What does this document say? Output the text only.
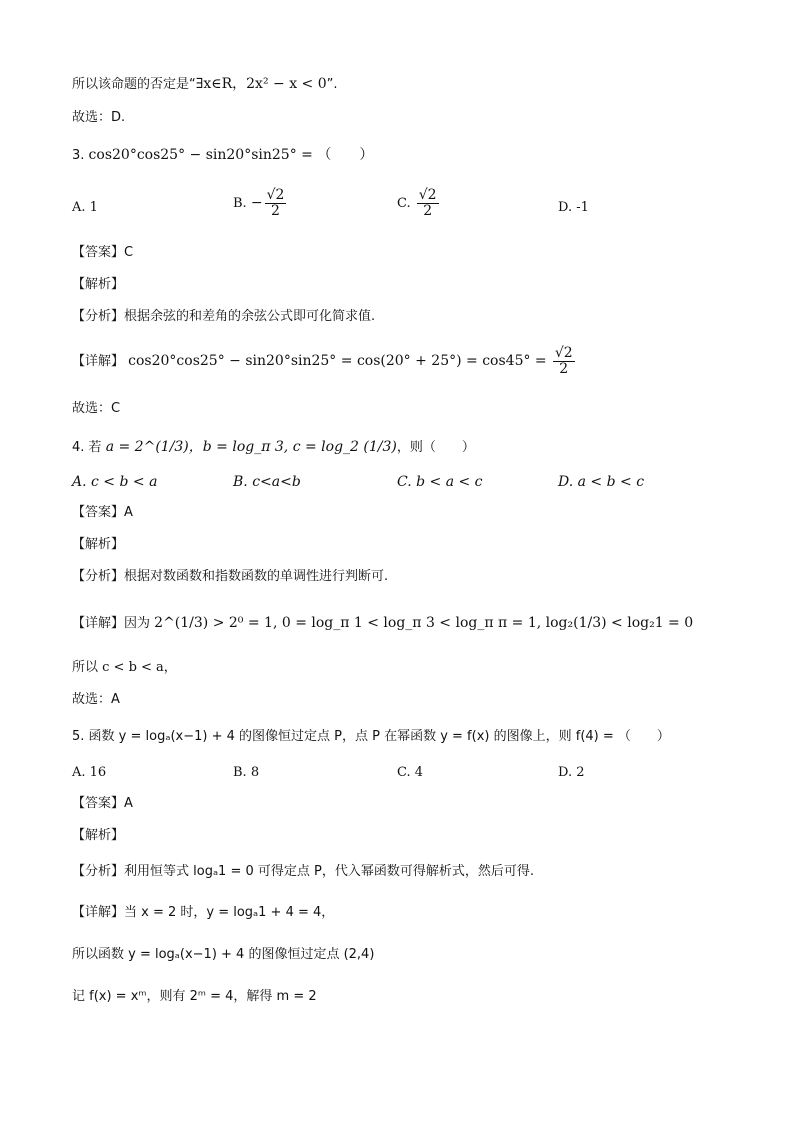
所以该命题的否定是“∃x∈R，2x² − x < 0”.
故选：D.
3. cos20°cos25° − sin20°sin25° = （　　）
A. 1	B. − $\frac{√2}{2}$	C. $\frac{√2}{2}$	D. -1
【答案】C
【解析】
【分析】根据余弦的和差角的余弦公式即可化简求值.
【详解】 $\cos 20^\circ\cos 25^\circ - \sin 20^\circ\sin 25^\circ = \cos(20^\circ + 25^\circ) = \cos 45^\circ = \frac{√2}{2}$
故选：C
4. 若 a = 2^(1/3)，b = log_π 3, c = log_2 (1/3)，则（　　）
A. c < b < a	B. c<a<b	C. b < a < c	D. a < b < c
【答案】A
【解析】
【分析】根据对数函数和指数函数的单调性进行判断可.
【详解】因为 2^(1/3) > 2⁰ = 1, 0 = log_π 1 < log_π 3 < log_π π = 1, log₂(1/3) < log₂1 = 0
所以 c < b < a，
故选：A
5. 函数 y = logₐ(x−1) + 4 的图像恒过定点 P，点 P 在幂函数 y = f(x) 的图像上，则 f(4) = （　　）
A. 16	B. 8	C. 4	D. 2
【答案】A
【解析】
【分析】利用恒等式 logₐ1 = 0 可得定点 P，代入幂函数可得解析式，然后可得.
【详解】当 x = 2 时，y = logₐ1 + 4 = 4，
所以函数 y = logₐ(x−1) + 4 的图像恒过定点 (2,4)
记 f(x) = xᵐ，则有 2ᵐ = 4，解得 m = 2
